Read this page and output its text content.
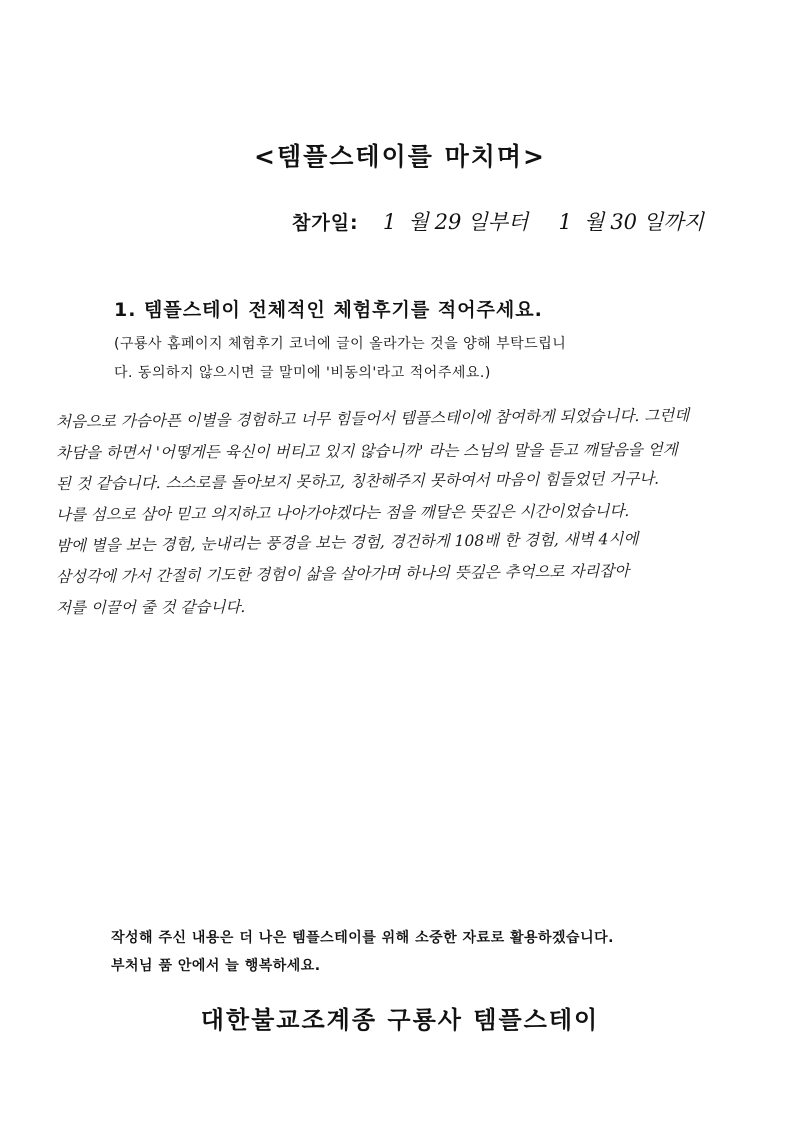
<템플스테이를 마치며>
참가일: 1 월 29 일부터 1 월 30 일까지
1. 템플스테이 전체적인 체험후기를 적어주세요.
(구룡사 홈페이지 체험후기 코너에 글이 올라가는 것을 양해 부탁드립니
다. 동의하지 않으시면 글 말미에 '비동의'라고 적어주세요.)
처음으로 가슴아픈 이별을 경험하고 너무 힘들어서 템플스테이에 참여하게 되었습니다. 그런데
차담을 하면서 '어떻게든 육신이 버티고 있지 않습니까' 라는 스님의 말을 듣고 깨달음을 얻게
된 것 같습니다. 스스로를 돌아보지 못하고, 칭찬해주지 못하여서 마음이 힘들었던 거구나.
나를 섬으로 삼아 믿고 의지하고 나아가야겠다는 점을 깨달은 뜻깊은 시간이었습니다.
밤에 별을 보는 경험, 눈내리는 풍경을 보는 경험, 경건하게 108배 한 경험, 새벽 4시에
삼성각에 가서 간절히 기도한 경험이 삶을 살아가며 하나의 뜻깊은 추억으로 자리잡아
저를 이끌어 줄 것 같습니다.
작성해 주신 내용은 더 나은 템플스테이를 위해 소중한 자료로 활용하겠습니다.
부처님 품 안에서 늘 행복하세요.
대한불교조계종 구룡사 템플스테이
